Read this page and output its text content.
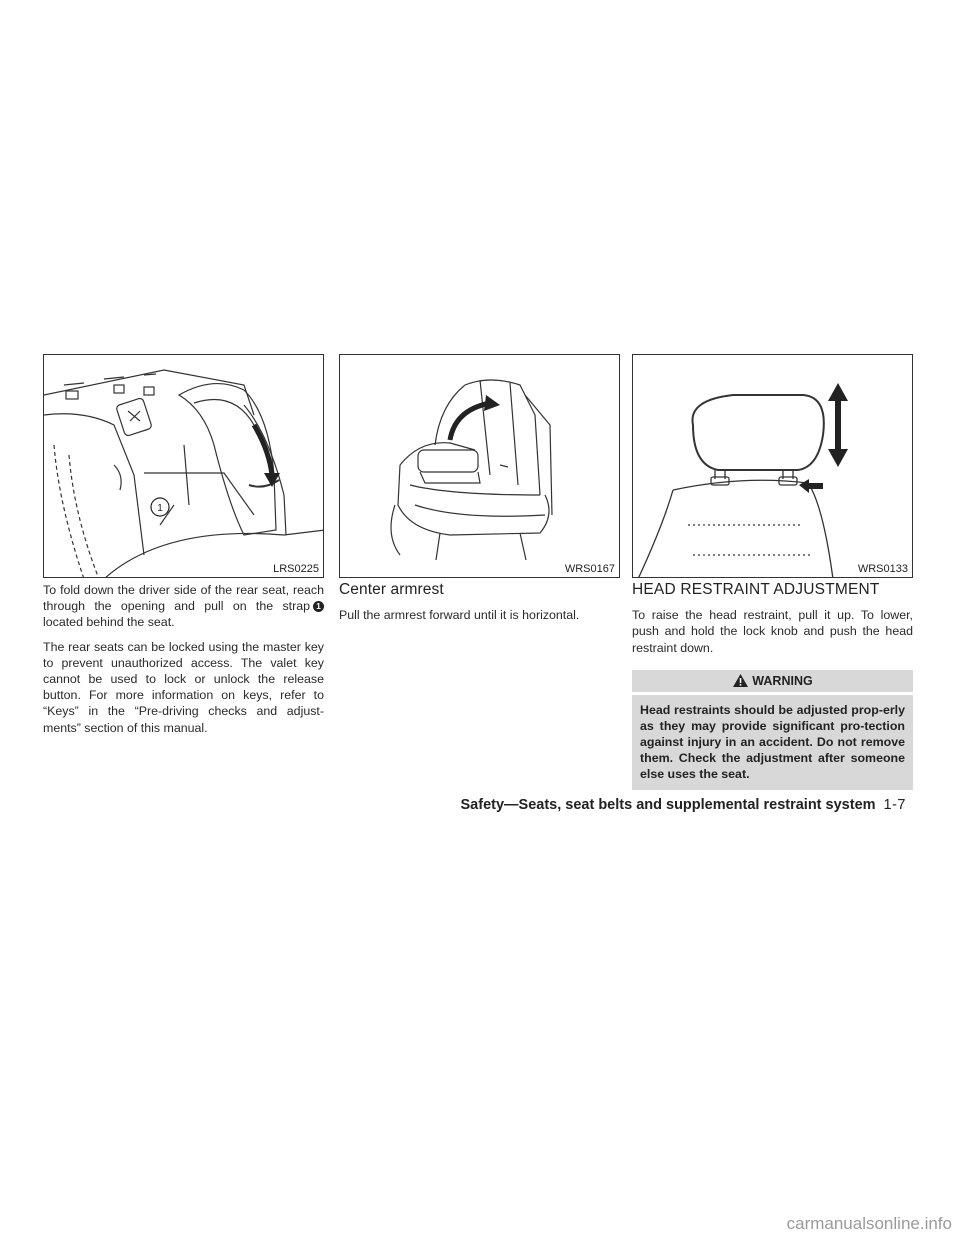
1
LRS0225	WRS0167	WRS0133

To fold down the driver side of the rear seat, reach through the opening and pull on the strap 1 located behind the seat.

The rear seats can be locked using the master key to prevent unauthorized access. The valet key cannot be used to lock or unlock the release button. For more information on keys, refer to “Keys” in the “Pre-driving checks and adjust-ments” section of this manual.

Center armrest

Pull the armrest forward until it is horizontal.

HEAD RESTRAINT ADJUSTMENT

To raise the head restraint, pull it up. To lower, push and hold the lock knob and push the head restraint down.

WARNING
Head restraints should be adjusted prop-erly as they may provide significant pro-tection against injury in an accident. Do not remove them. Check the adjustment after someone else uses the seat.
Safety—Seats, seat belts and supplemental restraint system 1-7
carmanualsonline.info
